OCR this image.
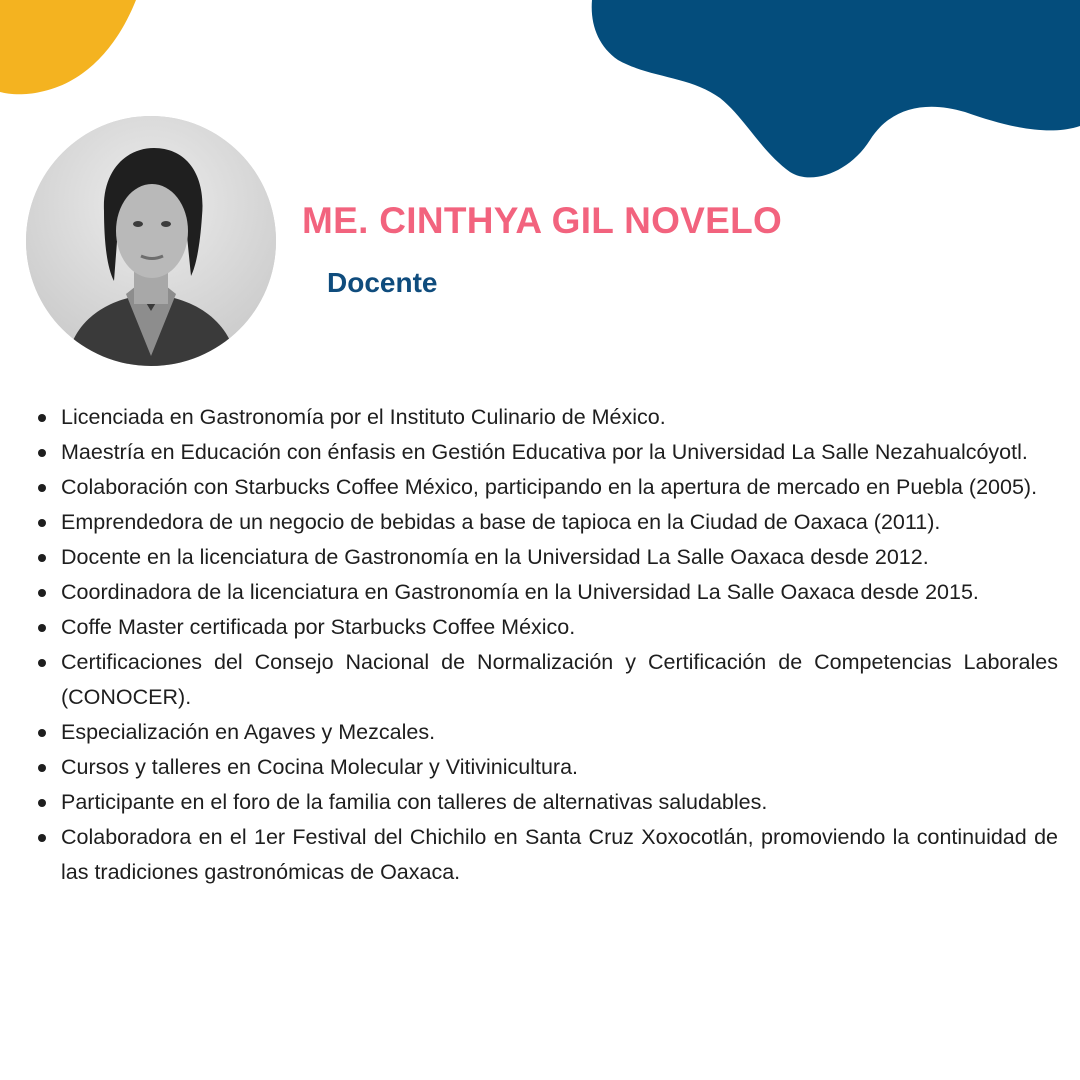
ME. CINTHYA GIL NOVELO
Docente
Licenciada en Gastronomía por el Instituto Culinario de México.
Maestría en Educación con énfasis en Gestión Educativa por la Universidad La Salle Nezahualcóyotl.
Colaboración con Starbucks Coffee México, participando en la apertura de mercado en Puebla (2005).
Emprendedora de un negocio de bebidas a base de tapioca en la Ciudad de Oaxaca (2011).
Docente en la licenciatura de Gastronomía en la Universidad La Salle Oaxaca desde 2012.
Coordinadora de la licenciatura en Gastronomía en la Universidad La Salle Oaxaca desde 2015.
Coffe Master certificada por Starbucks Coffee México.
Certificaciones del Consejo Nacional de Normalización y Certificación de Competencias Laborales (CONOCER).
Especialización en Agaves y Mezcales.
Cursos y talleres en Cocina Molecular y Vitivinicultura.
Participante en el foro de la familia con talleres de alternativas saludables.
Colaboradora en el 1er Festival del Chichilo en Santa Cruz Xoxocotlán, promoviendo la continuidad de las tradiciones gastronómicas de Oaxaca.
